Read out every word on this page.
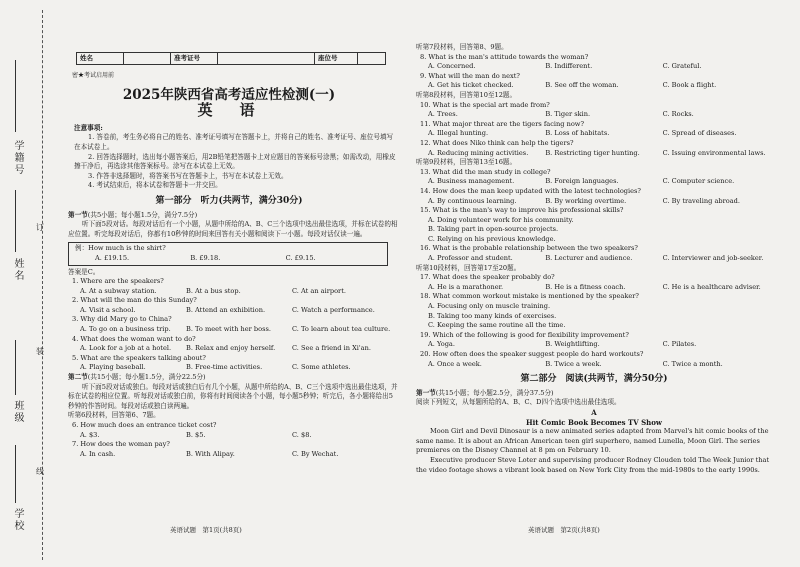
学籍号
姓名
班级
学校
订
装
线
姓名		准考证号		座位号	
密★考试启用前
2025年陕西省高考适应性检测(一)
英　语
注意事项:

1. 答卷前，考生务必将自己的姓名、准考证号填写在答题卡上，并将自己的姓名、准考证号、座位号填写在本试卷上。

2. 回答选择题时，选出每小题答案后，用2B铅笔把答题卡上对应题目的答案标号涂黑；如需改动，用橡皮擦干净后，再选涂其他答案标号。涂写在本试卷上无效。

3. 作答非选择题时，将答案书写在答题卡上，书写在本试卷上无效。

4. 考试结束后，将本试卷和答题卡一并交回。

第一部分　听力(共两节，满分30分)
第一节(共5小题；每小题1.5分，满分7.5分)
听下面5段对话。每段对话后有一个小题，从题中所给的A、B、C三个选项中选出最佳选项，并标在试卷的相应位置。听完每段对话后，你都有10秒钟的时间来回答有关小题和阅读下一小题。每段对话仅读一遍。
例：How much is the shirt?
A. £19.15.	B. £9.18.	C. £9.15.
答案是C。
1. Where are the speakers?
A. At a subway station.	B. At a bus stop.	C. At an airport.
2. What will the man do this Sunday?
A. Visit a school.	B. Attend an exhibition.	C. Watch a performance.
3. Why did Mary go to China?
A. To go on a business trip.	B. To meet with her boss.	C. To learn about tea culture.
4. What does the woman want to do?
A. Look for a job at a hotel.	B. Relax and enjoy herself.	C. See a friend in Xi'an.
5. What are the speakers talking about?
A. Playing baseball.	B. Free-time activities.	C. Some athletes.
第二节(共15小题；每小题1.5分，满分22.5分)
听下面5段对话或独白。每段对话或独白后有几个小题，从题中所给的A、B、C三个选项中选出最佳选项，并标在试卷的相应位置。听每段对话或独白前，你将有时间阅读各个小题，每小题5秒钟；听完后，各小题将给出5秒钟的作答时间。每段对话或独白读两遍。
听第6段材料，回答第6、7题。
6. How much does an entrance ticket cost?
A. $3.	B. $5.	C. $8.
7. How does the woman pay?
A. In cash.	B. With Alipay.	C. By Wechat.
英语试题　第1页(共8页)
听第7段材料，回答第8、9题。
8. What is the man's attitude towards the woman?
A. Concerned.	B. Indifferent.	C. Grateful.
9. What will the man do next?
A. Get his ticket checked.	B. See off the woman.	C. Book a flight.
听第8段材料，回答第10至12题。
10. What is the special art made from?
A. Trees.	B. Tiger skin.	C. Rocks.
11. What major threat are the tigers facing now?
A. Illegal hunting.	B. Loss of habitats.	C. Spread of diseases.
12. What does Niko think can help the tigers?
A. Reducing mining activities.	B. Restricting tiger hunting.	C. Issuing environmental laws.
听第9段材料，回答第13至16题。
13. What did the man study in college?
A. Business management.	B. Foreign languages.	C. Computer science.
14. How does the man keep updated with the latest technologies?
A. By continuous learning.	B. By working overtime.	C. By traveling abroad.
15. What is the man's way to improve his professional skills?
A. Doing volunteer work for his community.
B. Taking part in open-source projects.
C. Relying on his previous knowledge.
16. What is the probable relationship between the two speakers?
A. Professor and student.	B. Lecturer and audience.	C. Interviewer and job-seeker.
听第10段材料，回答第17至20题。
17. What does the speaker probably do?
A. He is a marathoner.	B. He is a fitness coach.	C. He is a healthcare adviser.
18. What common workout mistake is mentioned by the speaker?
A. Focusing only on muscle training.
B. Taking too many kinds of exercises.
C. Keeping the same routine all the time.
19. Which of the following is good for flexibility improvement?
A. Yoga.	B. Weightlifting.	C. Pilates.
20. How often does the speaker suggest people do hard workouts?
A. Once a week.	B. Twice a week.	C. Twice a month.
第二部分　阅读(共两节，满分50分)
第一节(共15小题；每小题2.5分，满分37.5分)
阅读下列短文，从每题所给的A、B、C、D四个选项中选出最佳选项。
A
Hit Comic Book Becomes TV Show
Moon Girl and Devil Dinosaur is a new animated series adapted from Marvel's hit comic books of the same name. It is about an African American teen girl superhero, named Lunella, Moon Girl. The series premieres on the Disney Channel at 8 pm on February 10.
Executive producer Steve Loter and supervising producer Rodney Clouden told The Week Junior that the video footage shows a vibrant look based on New York City from the mid-1980s to the early 1990s.
英语试题　第2页(共8页)
